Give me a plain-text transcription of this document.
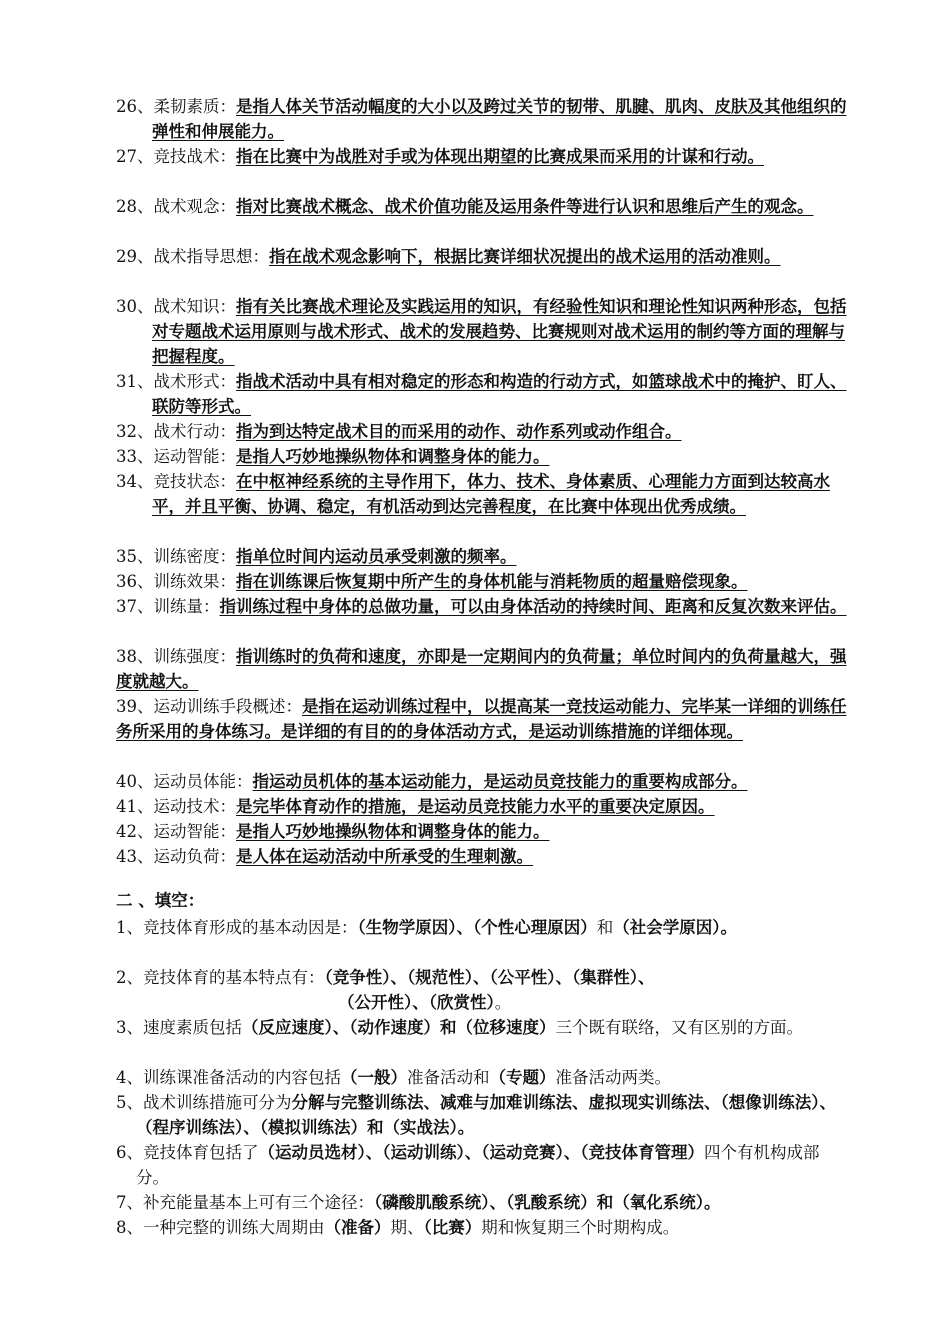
26、柔韧素质：是指人体关节活动幅度的大小以及跨过关节的韧带、肌腱、肌肉、皮肤及其他组织的弹性和伸展能力。

27、竞技战术：指在比赛中为战胜对手或为体现出期望的比赛成果而采用的计谋和行动。

28、战术观念：指对比赛战术概念、战术价值功能及运用条件等进行认识和思维后产生的观念。

29、战术指导思想：指在战术观念影响下，根据比赛详细状况提出的战术运用的活动准则。

30、战术知识：指有关比赛战术理论及实践运用的知识，有经验性知识和理论性知识两种形态，包括对专题战术运用原则与战术形式、战术的发展趋势、比赛规则对战术运用的制约等方面的理解与把握程度。

31、战术形式：指战术活动中具有相对稳定的形态和构造的行动方式，如篮球战术中的掩护、盯人、联防等形式。

32、战术行动：指为到达特定战术目的而采用的动作、动作系列或动作组合。

33、运动智能：是指人巧妙地操纵物体和调整身体的能力。

34、竞技状态：在中枢神经系统的主导作用下，体力、技术、身体素质、心理能力方面到达较高水平，并且平衡、协调、稳定，有机活动到达完善程度，在比赛中体现出优秀成绩。

35、训练密度：指单位时间内运动员承受刺激的频率。

36、训练效果：指在训练课后恢复期中所产生的身体机能与消耗物质的超量赔偿现象。

37、训练量：指训练过程中身体的总做功量，可以由身体活动的持续时间、距离和反复次数来评估。

38、训练强度：指训练时的负荷和速度，亦即是一定期间内的负荷量；单位时间内的负荷量越大，强度就越大。

39、运动训练手段概述：是指在运动训练过程中，以提高某一竞技运动能力、完毕某一详细的训练任务所采用的身体练习。是详细的有目的的身体活动方式，是运动训练措施的详细体现。

40、运动员体能：指运动员机体的基本运动能力，是运动员竞技能力的重要构成部分。

41、运动技术：是完毕体育动作的措施，是运动员竞技能力水平的重要决定原因。

42、运动智能：是指人巧妙地操纵物体和调整身体的能力。

43、运动负荷：是人体在运动活动中所承受的生理刺激。

二 、填空：

1、竞技体育形成的基本动因是：（生物学原因）、（个性心理原因）和（社会学原因）。

2、竞技体育的基本特点有：（竞争性）、（规范性）、（公平性）、（集群性）、
（公开性）、（欣赏性）。

3、速度素质包括（反应速度）、（动作速度）和（位移速度）三个既有联络，又有区别的方面。

4、训练课准备活动的内容包括（一般）准备活动和（专题）准备活动两类。

5、战术训练措施可分为分解与完整训练法、减难与加难训练法、虚拟现实训练法、（想像训练法）、（程序训练法）、（模拟训练法）和（实战法）。

6、竞技体育包括了（运动员选材）、（运动训练）、（运动竞赛）、（竞技体育管理）四个有机构成部分。

7、补充能量基本上可有三个途径：（磷酸肌酸系统）、（乳酸系统）和（氧化系统）。

8、一种完整的训练大周期由（准备）期、（比赛）期和恢复期三个时期构成。
